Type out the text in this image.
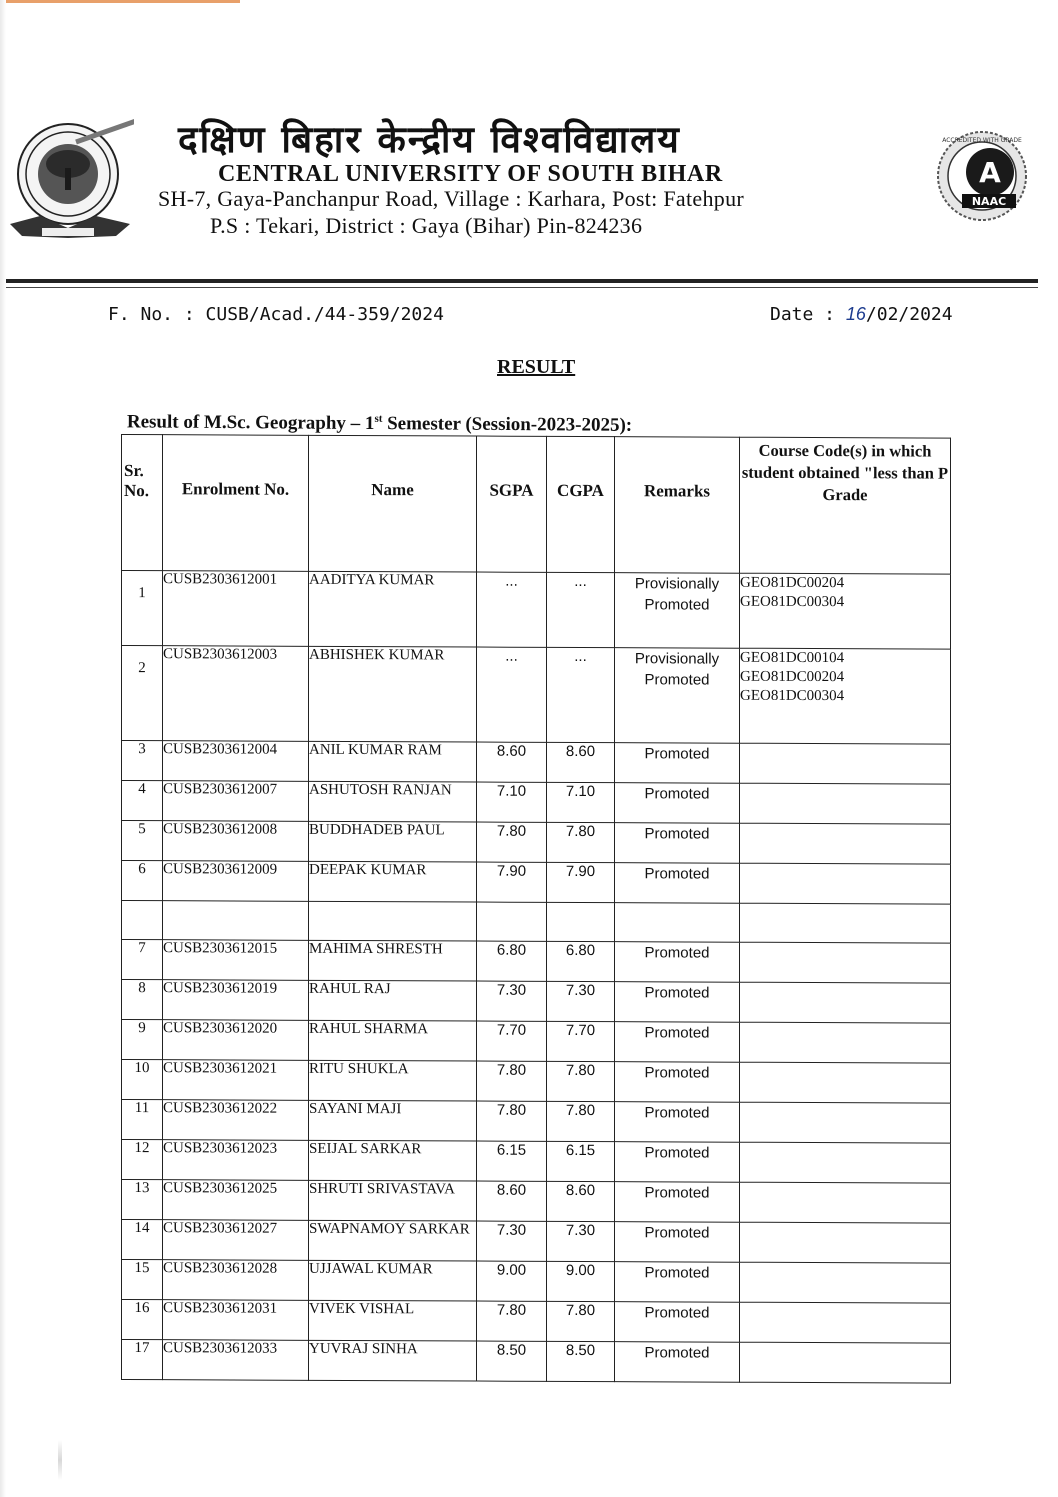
दक्षिण बिहार केन्द्रीय विश्वविद्यालय
CENTRAL UNIVERSITY OF SOUTH BIHAR
SH-7, Gaya-Panchanpur Road, Village : Karhara, Post: Fatehpur
P.S : Tekari, District : Gaya (Bihar) Pin-824236
A
NAAC
ACCREDITED WITH GRADE
F. No. : CUSB/Acad./44-359/2024	Date : 16/02/2024
RESULT
Result of M.Sc. Geography – 1st Semester (Session-2023-2025):
Sr. No.	Enrolment No.	Name	SGPA	CGPA	Remarks	Course Code(s) in which student obtained "less than P Grade

1	CUSB2303612001	AADITYA KUMAR	...	...	Provisionally Promoted	GEO81DC00204
GEO81DC00304
2	CUSB2303612003	ABHISHEK KUMAR	...	...	Provisionally Promoted	GEO81DC00104
GEO81DC00204
GEO81DC00304
3	CUSB2303612004	ANIL KUMAR RAM	8.60	8.60	Promoted	
4	CUSB2303612007	ASHUTOSH RANJAN	7.10	7.10	Promoted	
5	CUSB2303612008	BUDDHADEB PAUL	7.80	7.80	Promoted	
6	CUSB2303612009	DEEPAK KUMAR	7.90	7.90	Promoted	

7	CUSB2303612015	MAHIMA SHRESTH	6.80	6.80	Promoted	
8	CUSB2303612019	RAHUL RAJ	7.30	7.30	Promoted	
9	CUSB2303612020	RAHUL SHARMA	7.70	7.70	Promoted	
10	CUSB2303612021	RITU SHUKLA	7.80	7.80	Promoted	
11	CUSB2303612022	SAYANI MAJI	7.80	7.80	Promoted	
12	CUSB2303612023	SEIJAL SARKAR	6.15	6.15	Promoted	
13	CUSB2303612025	SHRUTI SRIVASTAVA	8.60	8.60	Promoted	
14	CUSB2303612027	SWAPNAMOY SARKAR	7.30	7.30	Promoted	
15	CUSB2303612028	UJJAWAL KUMAR	9.00	9.00	Promoted	
16	CUSB2303612031	VIVEK VISHAL	7.80	7.80	Promoted	
17	CUSB2303612033	YUVRAJ SINHA	8.50	8.50	Promoted	
